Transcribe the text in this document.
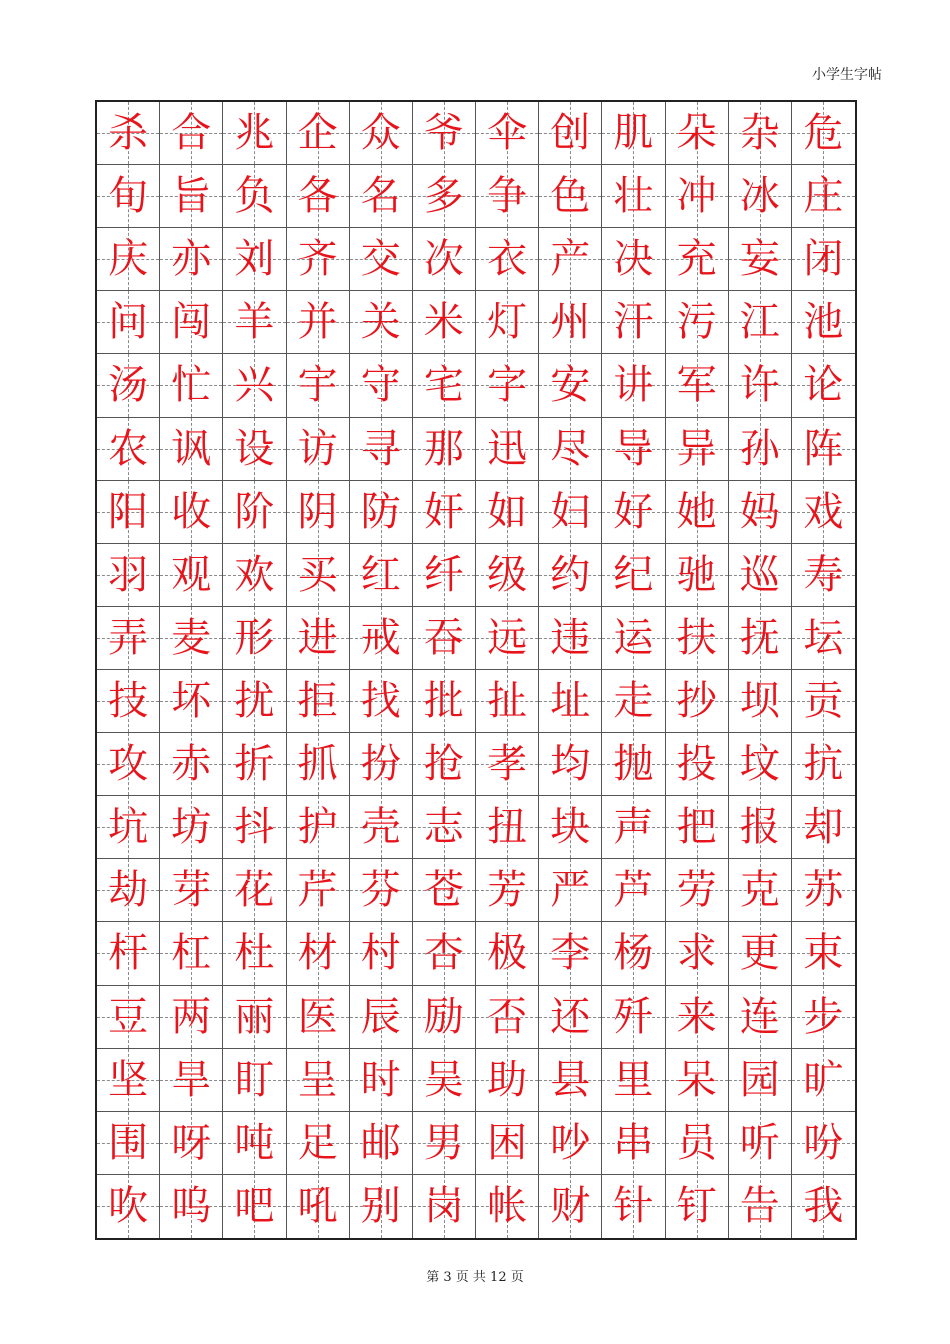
小学生字帖
杀 合 兆 企 众 爷 伞 创 肌 朵 杂 危
旬 旨 负 各 名 多 争 色 壮 冲 冰 庄
庆 亦 刘 齐 交 次 衣 产 决 充 妄 闭
问 闯 羊 并 关 米 灯 州 汗 污 江 池
汤 忙 兴 宇 守 宅 字 安 讲 军 许 论
农 讽 设 访 寻 那 迅 尽 导 异 孙 阵
阳 收 阶 阴 防 奸 如 妇 好 她 妈 戏
羽 观 欢 买 红 纤 级 约 纪 驰 巡 寿
弄 麦 形 进 戒 吞 远 违 运 扶 抚 坛
技 坏 扰 拒 找 批 扯 址 走 抄 坝 贡
攻 赤 折 抓 扮 抢 孝 均 抛 投 坟 抗
坑 坊 抖 护 壳 志 扭 块 声 把 报 却
劫 芽 花 芹 芬 苍 芳 严 芦 劳 克 苏
杆 杠 杜 材 村 杏 极 李 杨 求 更 束
豆 两 丽 医 辰 励 否 还 歼 来 连 步
坚 旱 盯 呈 时 吴 助 县 里 呆 园 旷
围 呀 吨 足 邮 男 困 吵 串 员 听 吩
吹 呜 吧 吼 别 岗 帐 财 针 钉 告 我
第 3 页 共 12 页
